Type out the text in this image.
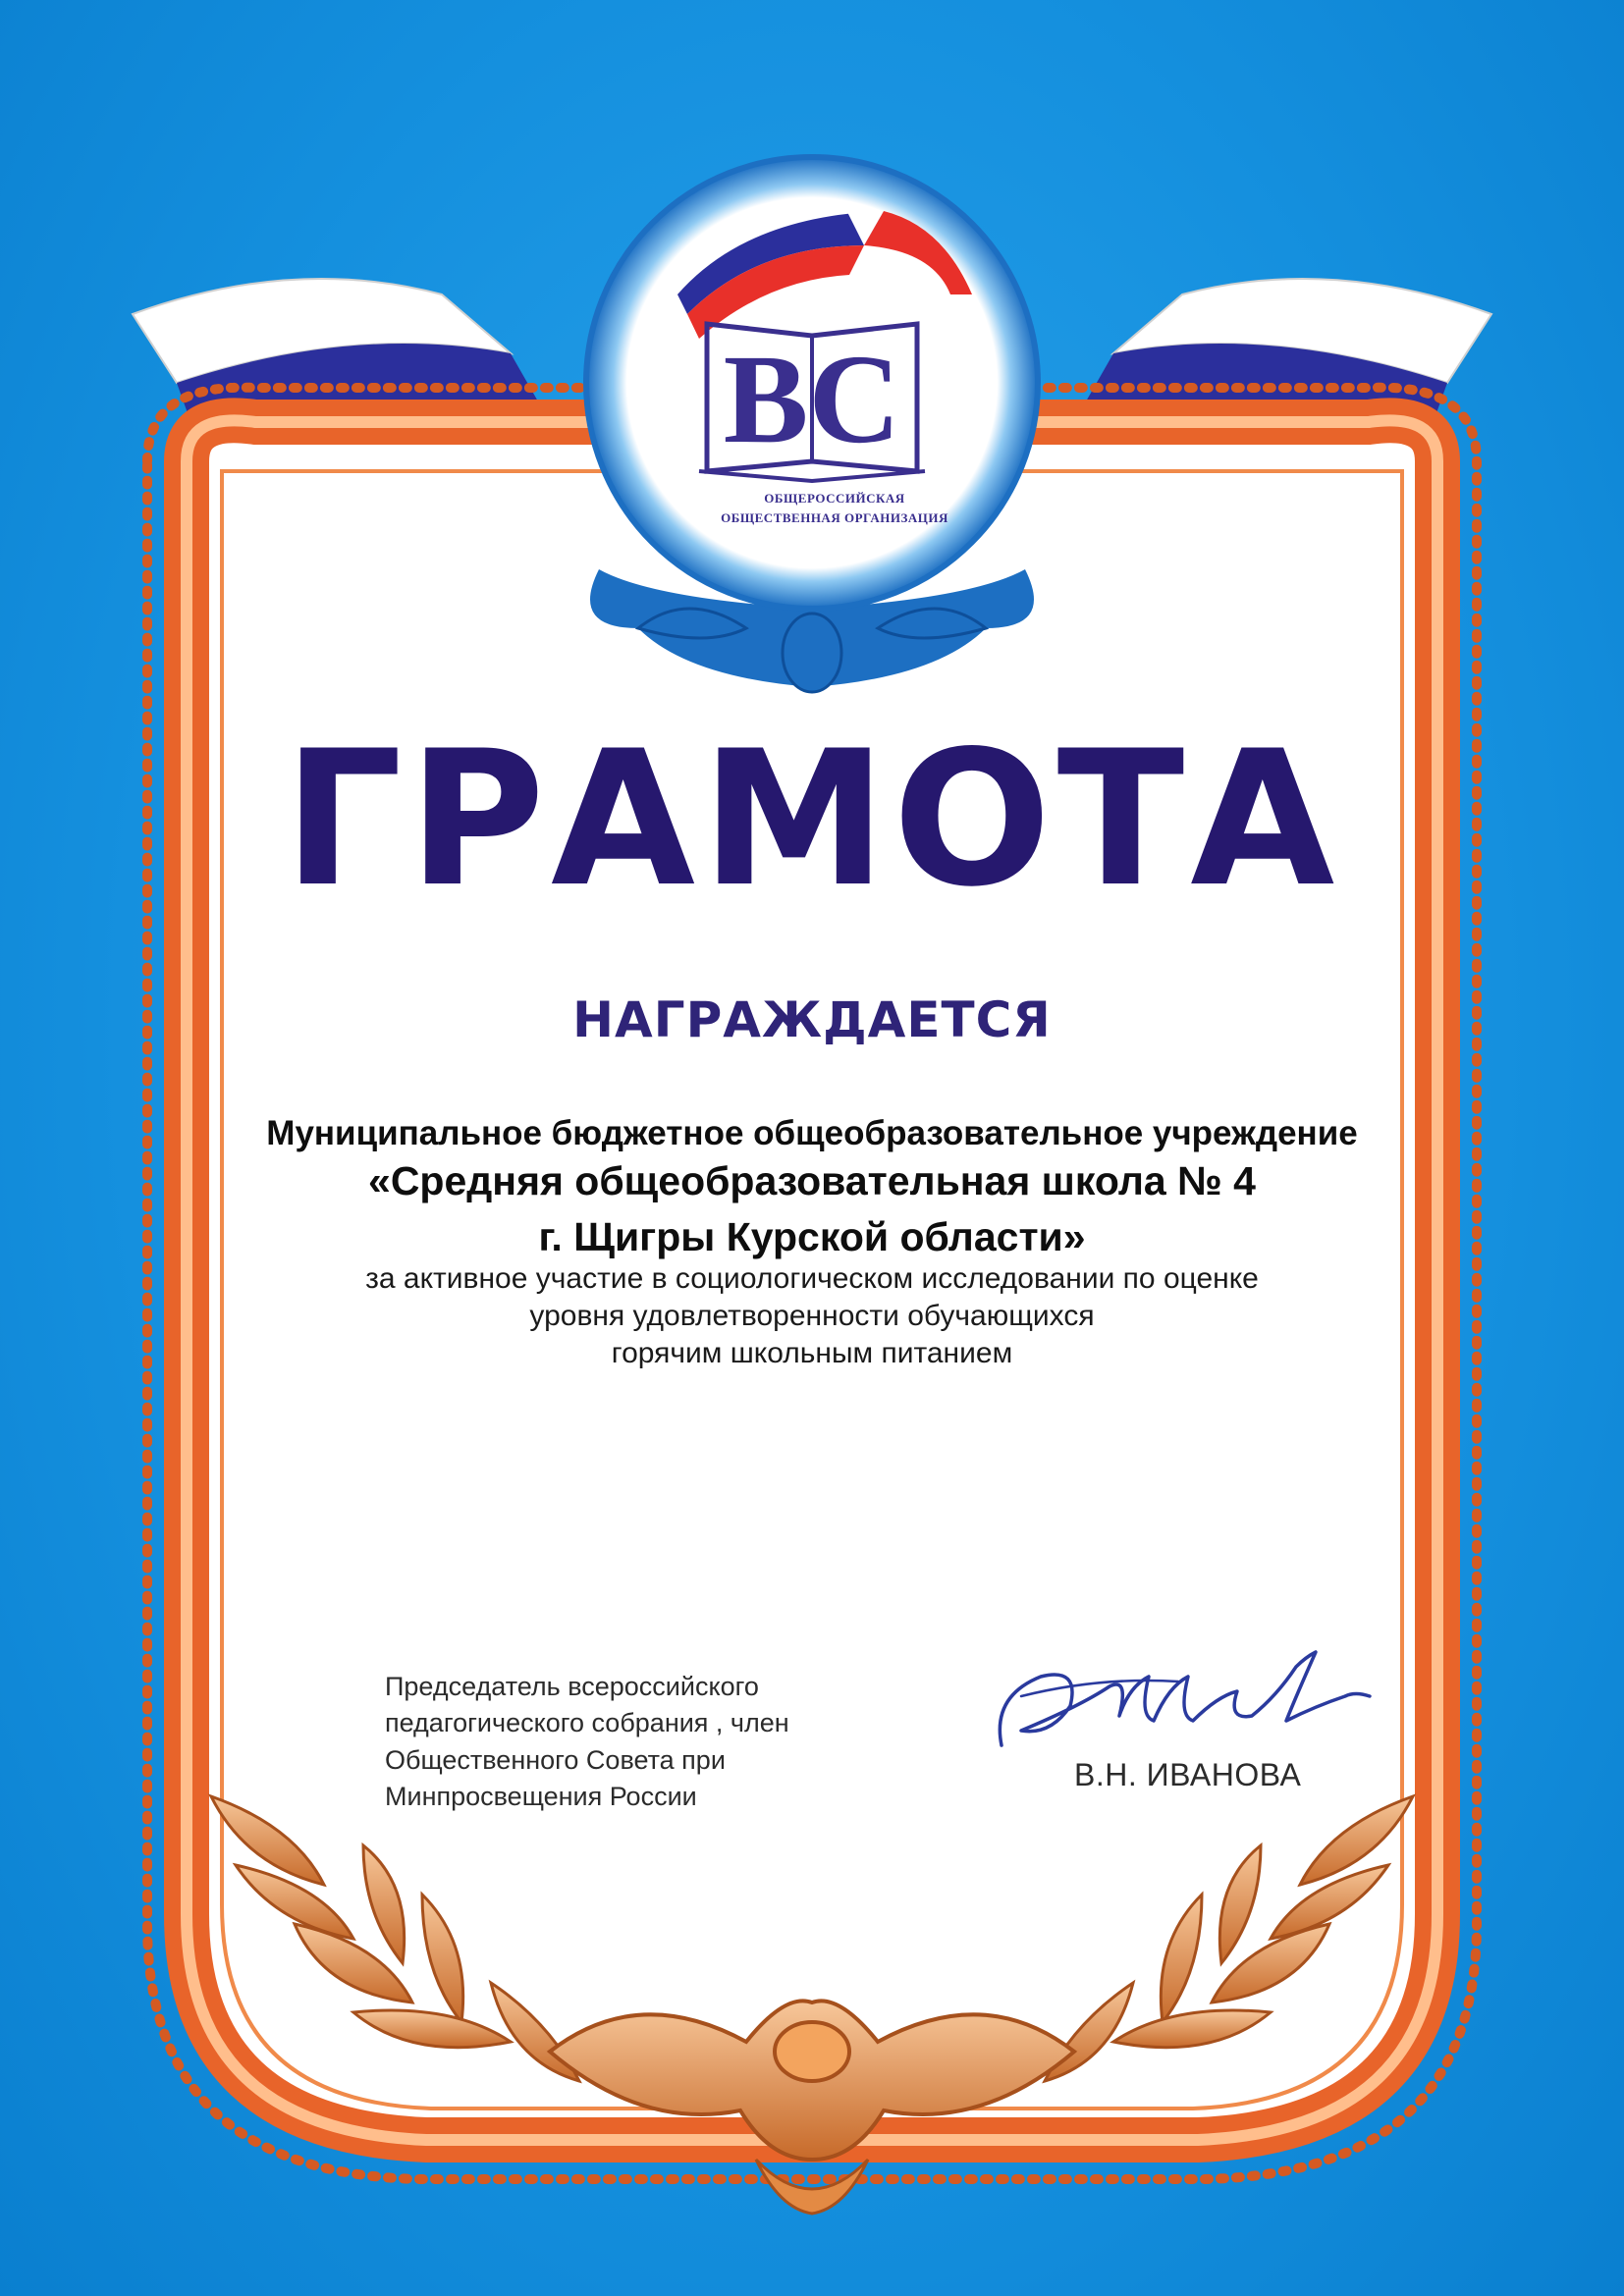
ВС
ОБЩЕРОССИЙСКАЯ
ОБЩЕСТВЕННАЯ ОРГАНИЗАЦИЯ
ГРАМОТА
НАГРАЖДАЕТСЯ
Муниципальное бюджетное общеобразовательное учреждение
«Средняя общеобразовательная школа № 4
г. Щигры Курской области»
за активное участие в социологическом исследовании по оценке
уровня удовлетворенности обучающихся
горячим школьным питанием
Председатель всероссийского
педагогического собрания , член
Общественного Совета при
Минпросвещения России
В.Н. ИВАНОВА
